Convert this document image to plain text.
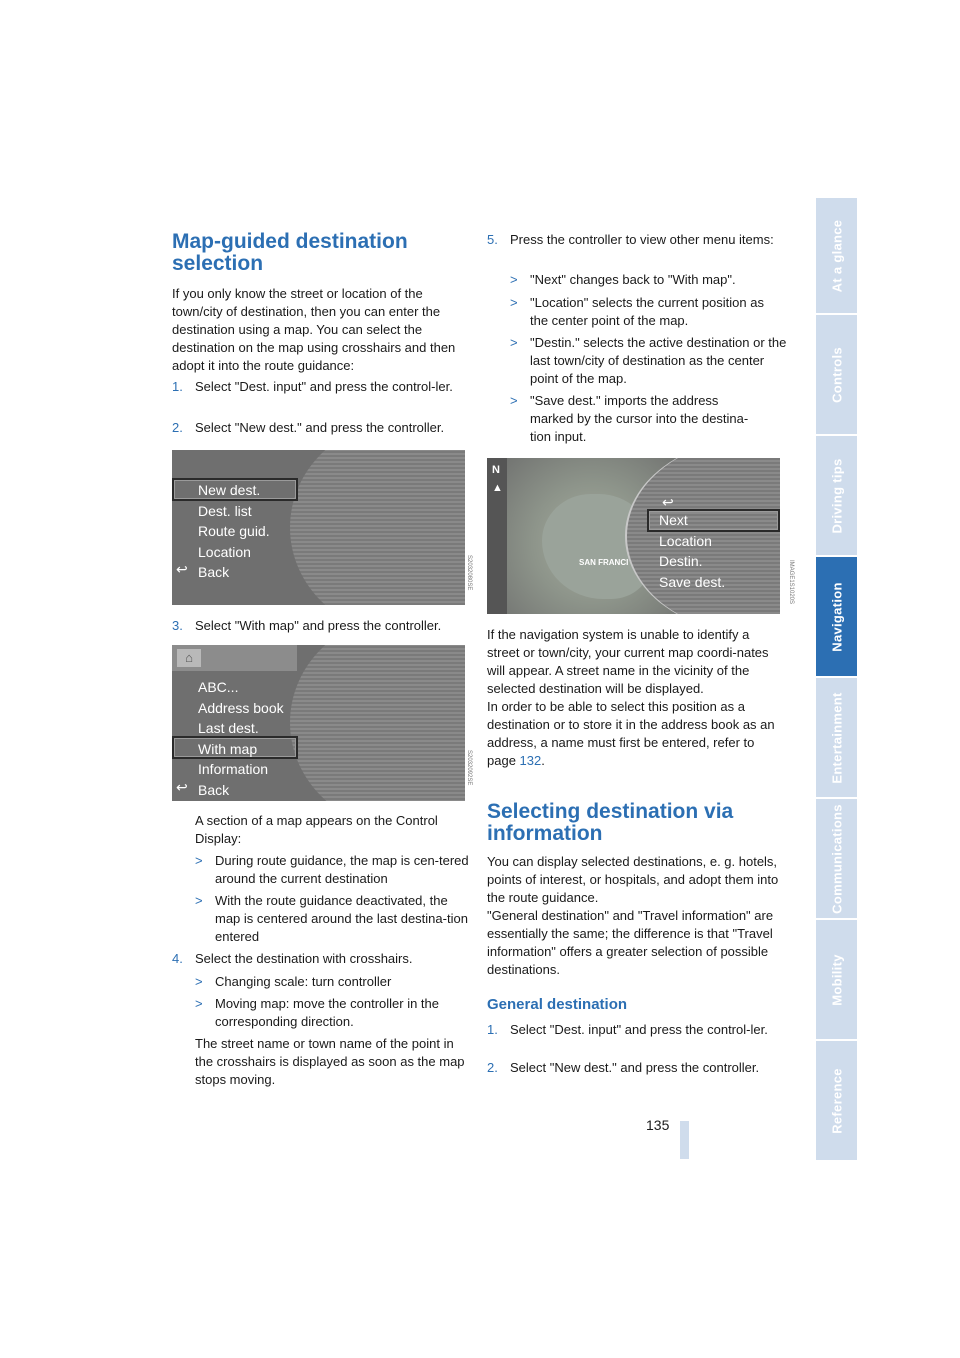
At a glance
Controls
Driving tips
Navigation
Entertainment
Communications
Mobility
Reference
Map-guided destination selection
If you only know the street or location of the town/city of destination, then you can enter the destination using a map. You can select the destination on the map using crosshairs and then adopt it into the route guidance:
1. Select "Dest. input" and press the control-ler.
2. Select "New dest." and press the controller.
New dest.
Dest. list
Route guid.
Location
Back
↩	S2032080SE
3. Select "With map" and press the controller.
⌂
ABC...
Address book
Last dest.
With map
Information
Back
↩
S2032092SE
A section of a map appears on the Control Display:
> During route guidance, the map is cen-tered around the current destination
> With the route guidance deactivated, the map is centered around the last destina-tion entered
4. Select the destination with crosshairs.
> Changing scale: turn controller
> Moving map: move the controller in the corresponding direction.
The street name or town name of the point in the crosshairs is displayed as soon as the map stops moving.
5. Press the controller to view other menu items:
> "Next" changes back to "With map".
> "Location" selects the current position as the center point of the map.
> "Destin." selects the active destination or the last town/city of destination as the center point of the map.
> "Save dest." imports the address marked by the cursor into the destina-tion input.
SAN FRANCI
N
▲
↩
Next
Location
Destin.
Save dest.	IMAGE1S1020S
If the navigation system is unable to identify a street or town/city, your current map coordi-nates will appear. A street name in the vicinity of the selected destination will be displayed.
In order to be able to select this position as a destination or to store it in the address book as an address, a name must first be entered, refer to page 132.
Selecting destination via information
You can display selected destinations, e. g. hotels, points of interest, or hospitals, and adopt them into the route guidance.
"General destination" and "Travel information" are essentially the same; the difference is that "Travel information" offers a greater selection of possible destinations.
General destination
1. Select "Dest. input" and press the control-ler.
2. Select "New dest." and press the controller.
135
